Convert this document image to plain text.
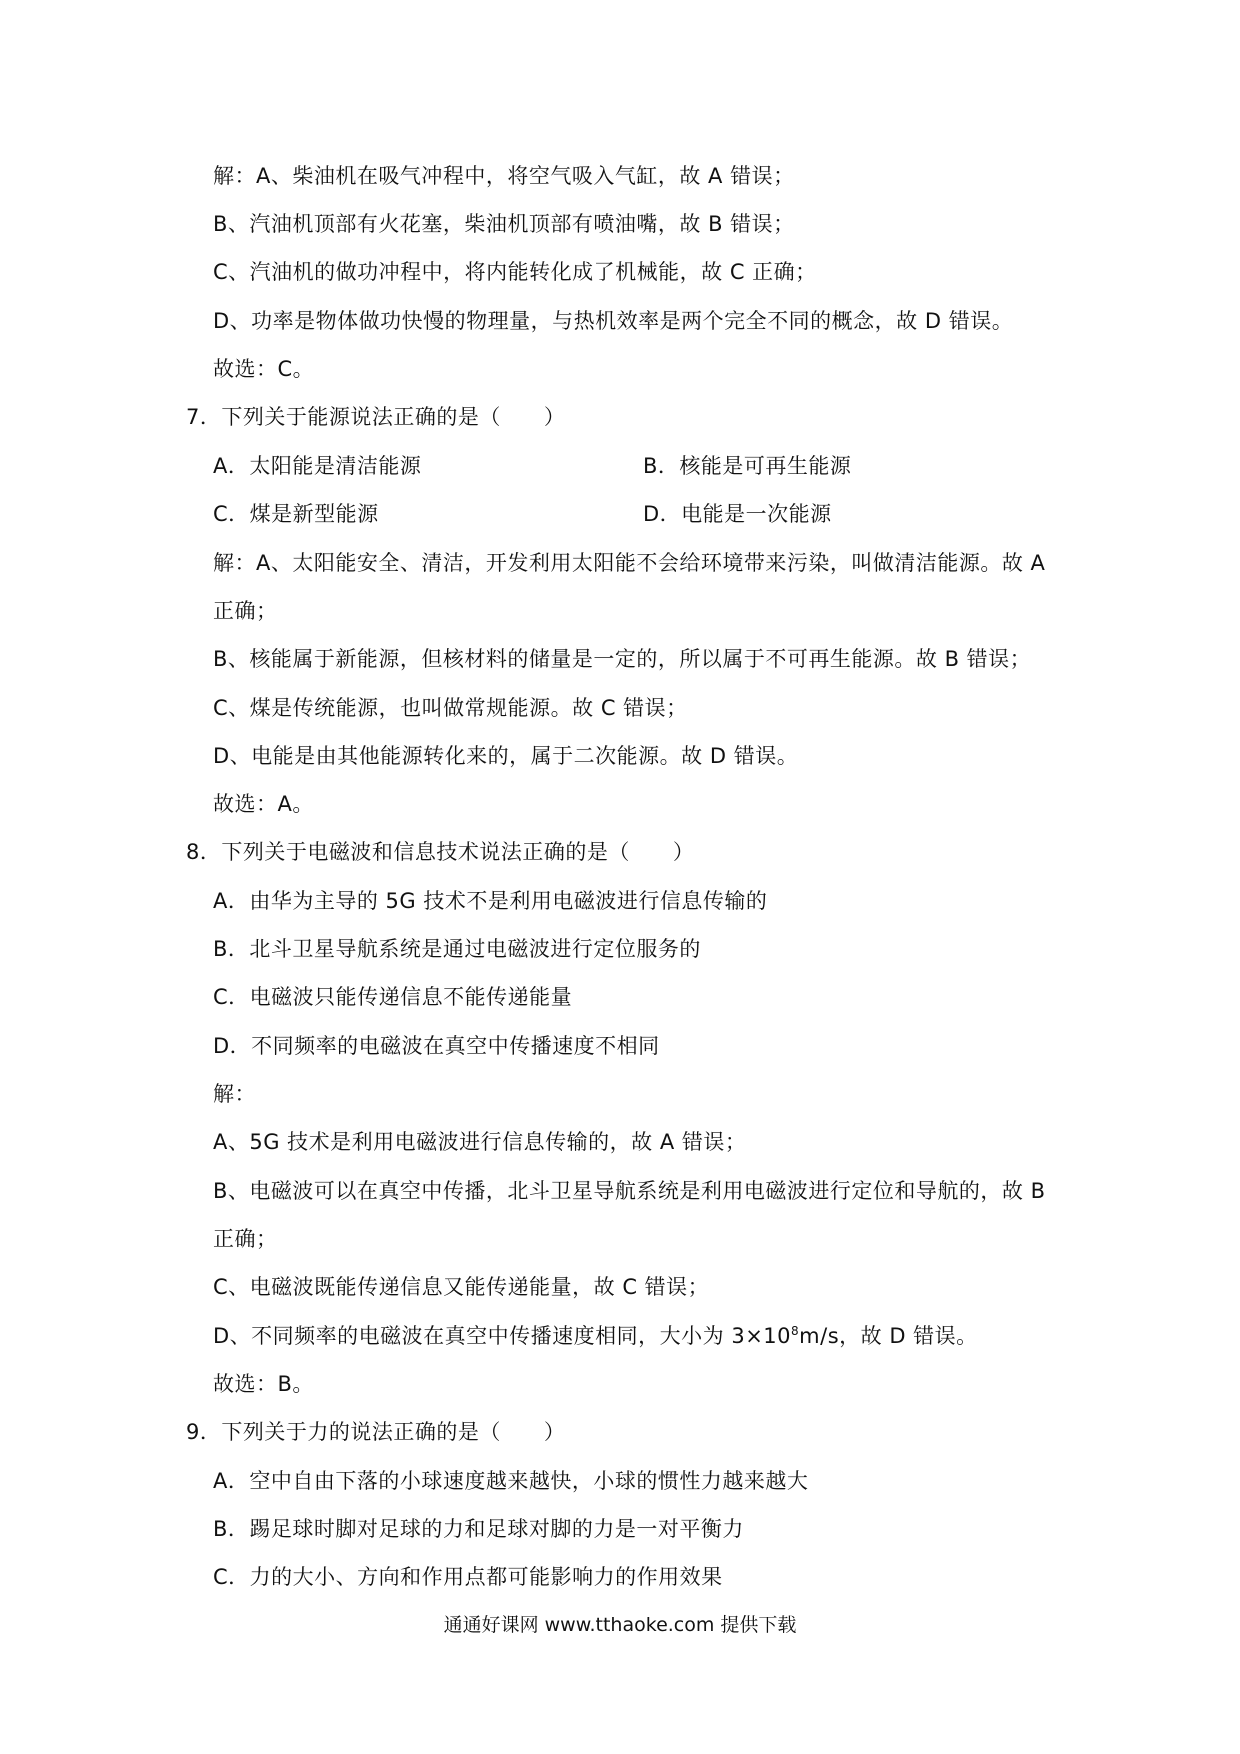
解：A、柴油机在吸气冲程中，将空气吸入气缸，故 A 错误；
B、汽油机顶部有火花塞，柴油机顶部有喷油嘴，故 B 错误；
C、汽油机的做功冲程中，将内能转化成了机械能，故 C 正确；
D、功率是物体做功快慢的物理量，与热机效率是两个完全不同的概念，故 D 错误。
故选：C。
7．下列关于能源说法正确的是（　　）
A．太阳能是清洁能源	B．核能是可再生能源
C．煤是新型能源	D．电能是一次能源
解：A、太阳能安全、清洁，开发利用太阳能不会给环境带来污染，叫做清洁能源。故 A
正确；
B、核能属于新能源，但核材料的储量是一定的，所以属于不可再生能源。故 B 错误；
C、煤是传统能源，也叫做常规能源。故 C 错误；
D、电能是由其他能源转化来的，属于二次能源。故 D 错误。
故选：A。
8．下列关于电磁波和信息技术说法正确的是（　　）
A．由华为主导的 5G 技术不是利用电磁波进行信息传输的
B．北斗卫星导航系统是通过电磁波进行定位服务的
C．电磁波只能传递信息不能传递能量
D．不同频率的电磁波在真空中传播速度不相同
解：
A、5G 技术是利用电磁波进行信息传输的，故 A 错误；
B、电磁波可以在真空中传播，北斗卫星导航系统是利用电磁波进行定位和导航的，故 B
正确；
C、电磁波既能传递信息又能传递能量，故 C 错误；
D、不同频率的电磁波在真空中传播速度相同，大小为 $3\times 10^8m/s$，故 D 错误。
故选：B。
9．下列关于力的说法正确的是（　　）
A．空中自由下落的小球速度越来越快，小球的惯性力越来越大
B．踢足球时脚对足球的力和足球对脚的力是一对平衡力
C．力的大小、方向和作用点都可能影响力的作用效果
通通好课网 www.tthaoke.com 提供下载
